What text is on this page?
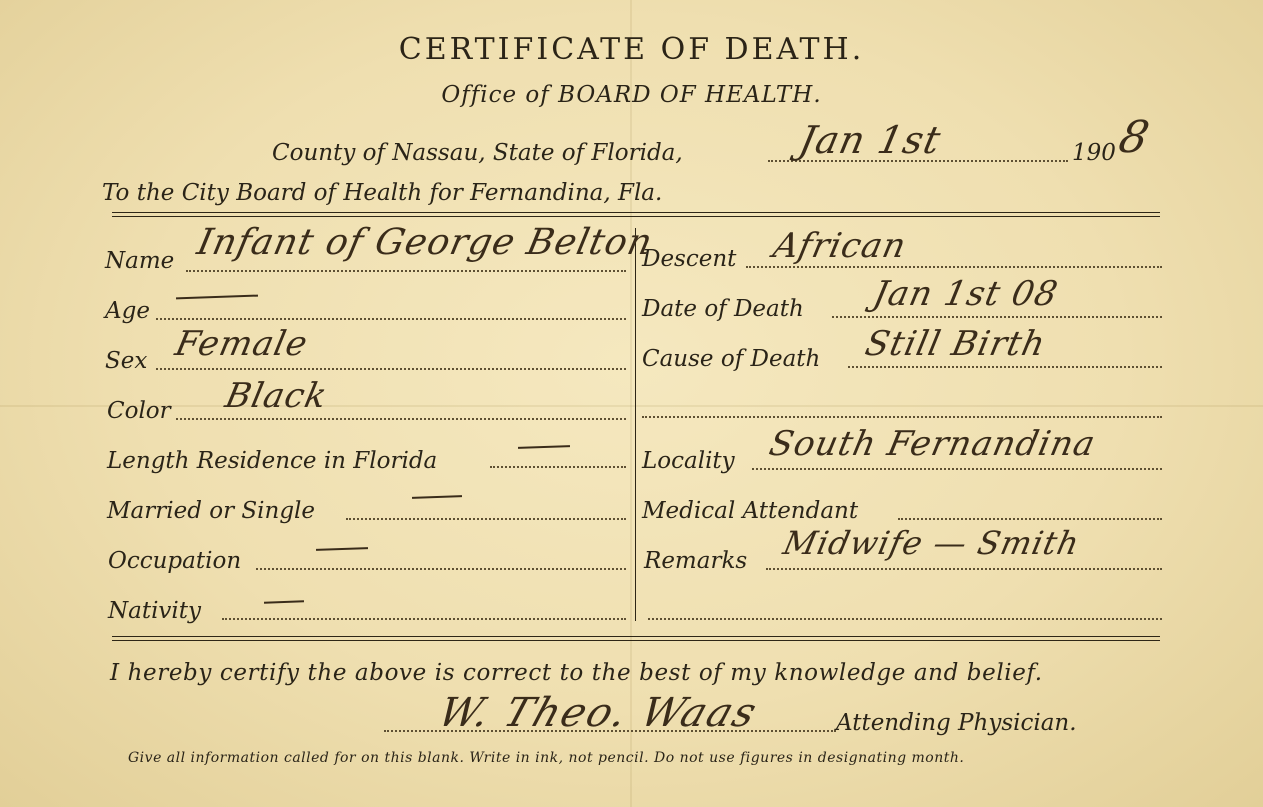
CERTIFICATE OF DEATH.
Office of BOARD OF HEALTH.
County of Nassau, State of Florida,	Jan 1st	190
8
To the City Board of Health for Fernandina, Fla.
Name Infant of George Belton
Age
Sex Female
Color Black
Length Residence in Florida
Married or Single
Occupation
Nativity
Descent African
Date of Death Jan 1st 08
Cause of Death Still Birth
Locality South Fernandina
Medical Attendant
Remarks Midwife — Smith
I hereby certify the above is correct to the best of my knowledge and belief.
W. Theo. Waas	Attending Physician.
Give all information called for on this blank. Write in ink, not pencil. Do not use figures in designating month.
